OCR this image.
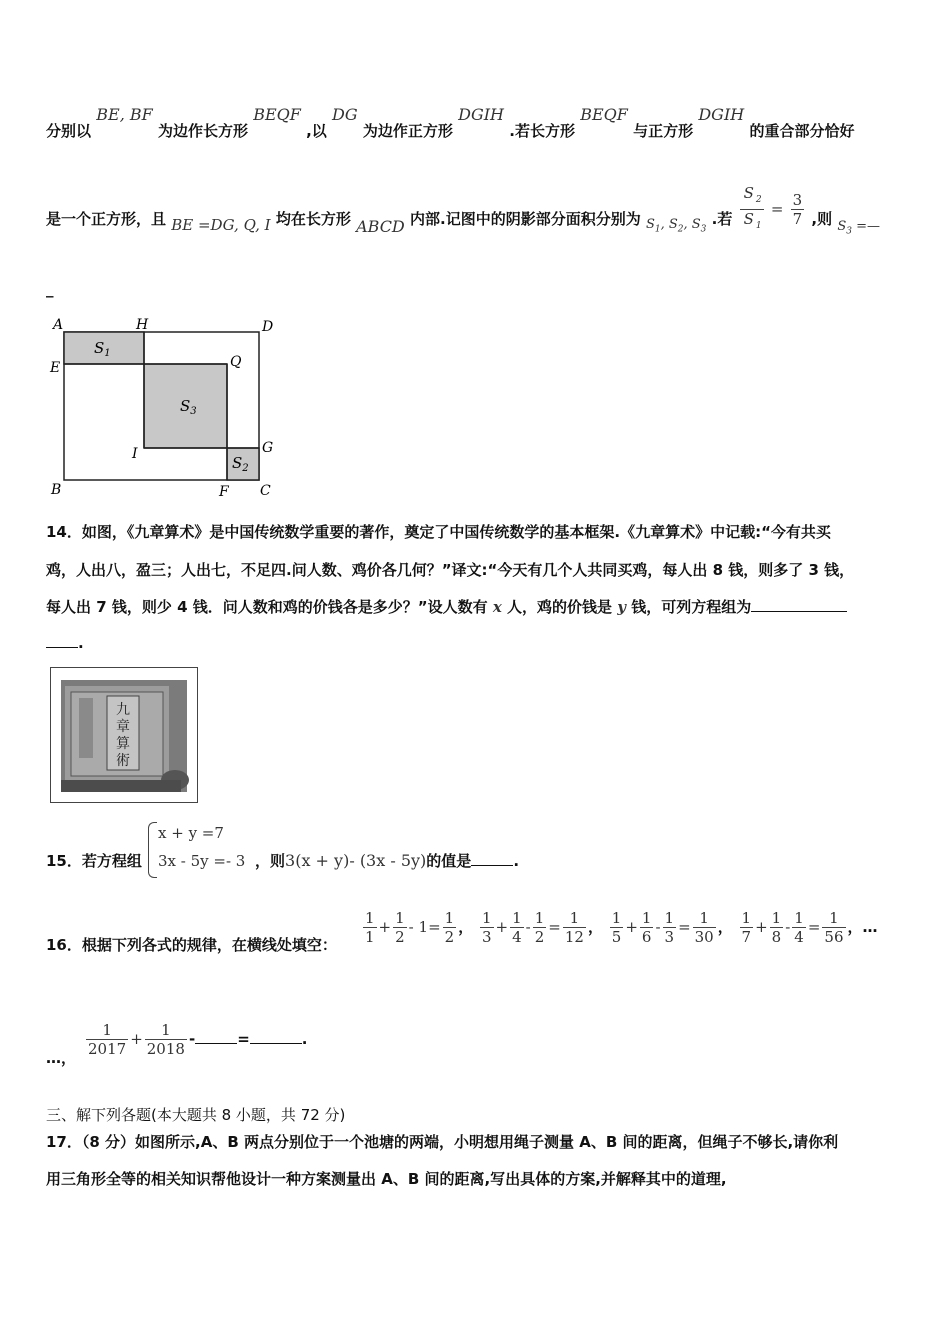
分别以 BE, BF 为边作长方形 BEQF ,以 DG 为边作正方形 DGIH .若长方形 BEQF 与正方形 DGIH 的重合部分恰好
是一个正方形，且 BE =DG, Q, I 均在长方形 ABCD 内部.记图中的阴影部分面积分别为 $S_1$, $S_2$, $S_3$ .若 $\frac{S _2}{S _1} = \frac{3}{7}$ ,则 $S_3$ =—
_
A	H	D
E	Q
I	G
B	F C
$S_1$
$S_3$
$S_2$
14．如图，《九章算术》是中国传统数学重要的著作，奠定了中国传统数学的基本框架.《九章算术》中记载:“今有共买
鸡，人出八，盈三；人出七，不足四.问人数、鸡价各几何？”译文:“今天有几个人共同买鸡，每人出 8 钱，则多了 3 钱，
每人出 7 钱，则少 4 钱．问人数和鸡的价钱各是多少？”设人数有 x 人，鸡的价钱是 y 钱，可列方程组为
.
九
章
算
術
15．若方程组
x + y =7
3x - 5y =- 3 ，则3(x + y)- (3x - 5y)的值是	.
16．根据下列各式的规律，在横线处填空： $\frac{1}{1} + \frac{1}{2} - 1= \frac{1}{2}$ ， $\frac{1}{3} + \frac{1}{4} - \frac{1}{2} = \frac{1}{12}$ ， $\frac{1}{5} + \frac{1}{6} - \frac{1}{3} = \frac{1}{30}$ ， $\frac{1}{7} + \frac{1}{8} - \frac{1}{4} = \frac{1}{56}$ ，…
…， $\frac{1}{2017} + \frac{1}{2018}$ -	=	.
三、解下列各题(本大题共 8 小题，共 72 分)
17．（8 分）如图所示,A、B 两点分别位于一个池塘的两端，小明想用绳子测量 A、B 间的距离，但绳子不够长,请你利
用三角形全等的相关知识帮他设计一种方案测量出 A、B 间的距离,写出具体的方案,并解释其中的道理,
